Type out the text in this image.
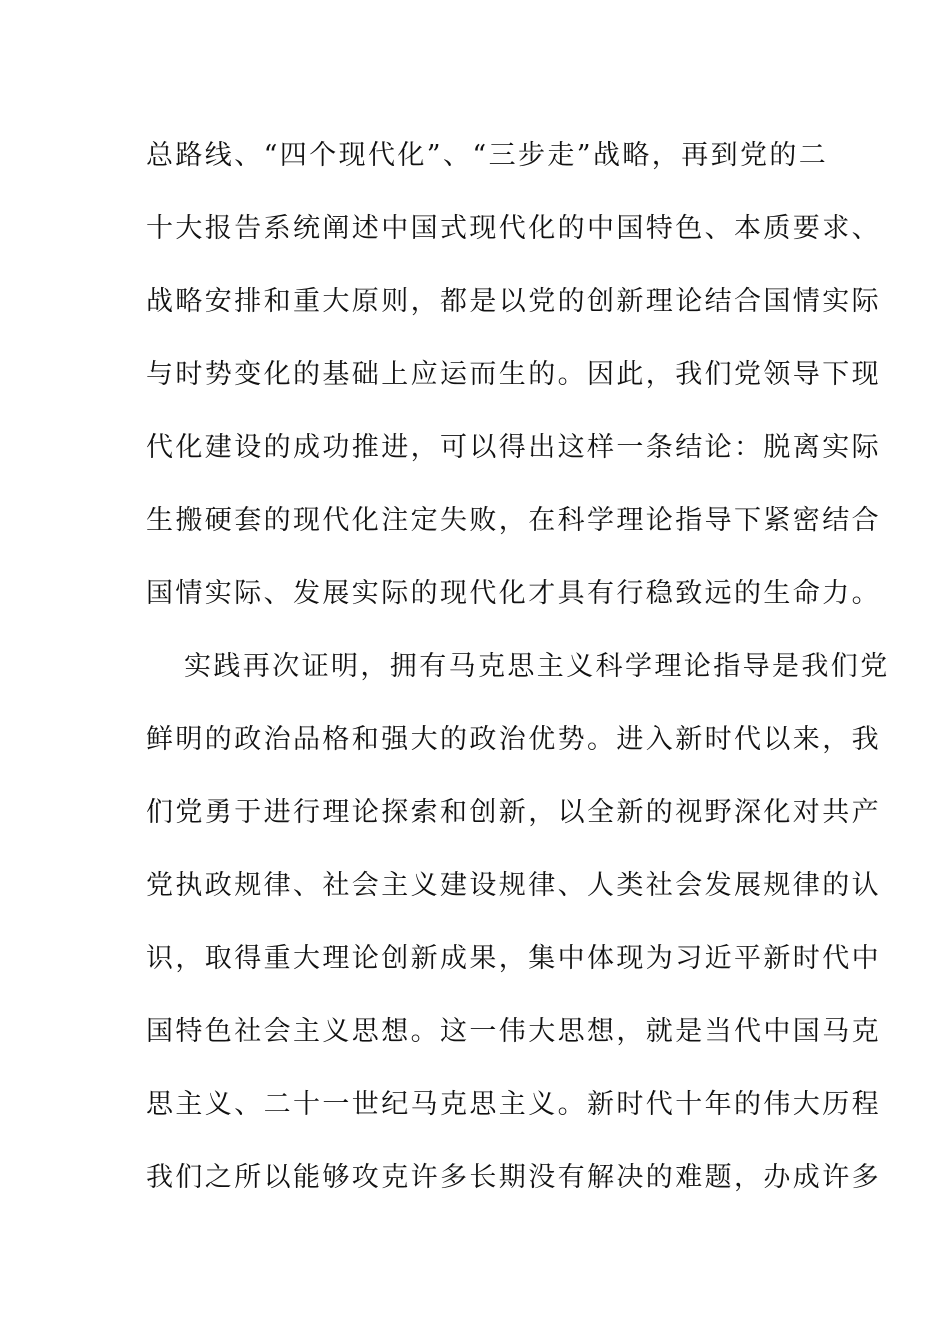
总路线、“四个现代化”、“三步走”战略，再到党的二
十大报告系统阐述中国式现代化的中国特色、本质要求、
战略安排和重大原则，都是以党的创新理论结合国情实际
与时势变化的基础上应运而生的。因此，我们党领导下现
代化建设的成功推进，可以得出这样一条结论：脱离实际
生搬硬套的现代化注定失败，在科学理论指导下紧密结合
国情实际、发展实际的现代化才具有行稳致远的生命力。
实践再次证明，拥有马克思主义科学理论指导是我们党
鲜明的政治品格和强大的政治优势。进入新时代以来，我
们党勇于进行理论探索和创新，以全新的视野深化对共产
党执政规律、社会主义建设规律、人类社会发展规律的认
识，取得重大理论创新成果，集中体现为习近平新时代中
国特色社会主义思想。这一伟大思想，就是当代中国马克
思主义、二十一世纪马克思主义。新时代十年的伟大历程
我们之所以能够攻克许多长期没有解决的难题，办成许多
